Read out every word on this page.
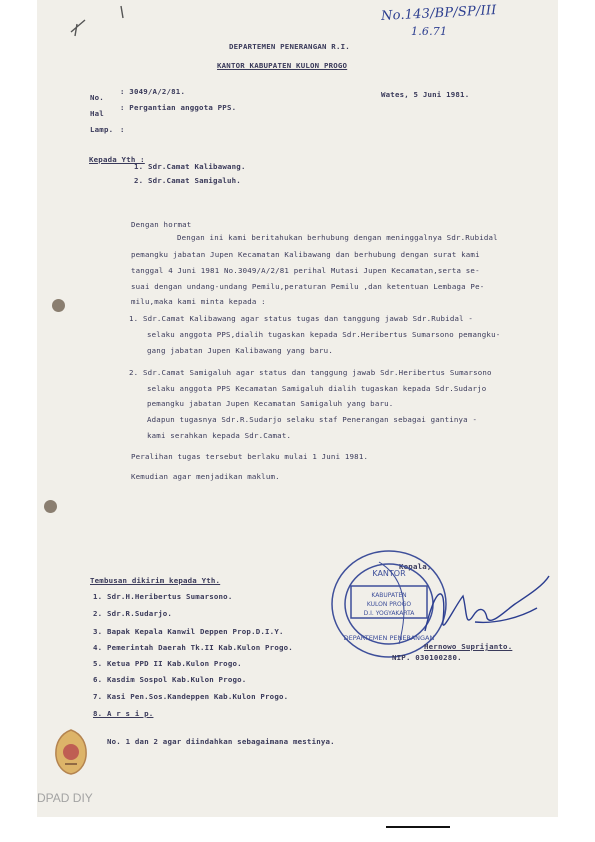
No.143/BP/SP/III
1.6.71
DEPARTEMEN PENERANGAN R.I.
KANTOR KABUPATEN KULON PROGO
Wates, 5 Juni 1981.
No.
: 3049/A/2/81.
Hal
: Pergantian anggota PPS.
Lamp. :
Kepada Yth :
1. Sdr.Camat Kalibawang.
2. Sdr.Camat Samigaluh.
Dengan hormat
Dengan ini kami beritahukan berhubung dengan meninggalnya Sdr.Rubidal
pemangku jabatan Jupen Kecamatan Kalibawang dan berhubung dengan surat kami
tanggal 4 Juni 1981 No.3049/A/2/81 perihal Mutasi Jupen Kecamatan,serta se-
suai dengan undang-undang Pemilu,peraturan Pemilu ,dan ketentuan Lembaga Pe-
milu,maka kami minta kepada :
1. Sdr.Camat Kalibawang agar status tugas dan tanggung jawab Sdr.Rubidal -
selaku anggota PPS,dialih tugaskan kepada Sdr.Heribertus Sumarsono pemangku-
gang jabatan Jupen Kalibawang yang baru.
2. Sdr.Camat Samigaluh agar status dan tanggung jawab Sdr.Heribertus Sumarsono
selaku anggota PPS Kecamatan Samigaluh dialih tugaskan kepada Sdr.Sudarjo
pemangku jabatan Jupen Kecamatan Samigaluh yang baru.
Adapun tugasnya Sdr.R.Sudarjo selaku staf Penerangan sebagai gantinya -
kami serahkan kepada Sdr.Camat.
Peralihan tugas tersebut berlaku mulai 1 Juni 1981.
Kemudian agar menjadikan maklum.
Kepala,
KANTOR
KABUPATEN
KULON PROGO
D.I. YOGYAKARTA
DEPARTEMEN PENERANGAN
Hernowo Suprijanto.
NIP. 030100280.
Tembusan dikirim kepada Yth.
1. Sdr.H.Heribertus Sumarsono.
2. Sdr.R.Sudarjo.
3. Bapak Kepala Kanwil Deppen Prop.D.I.Y.
4. Pemerintah Daerah Tk.II Kab.Kulon Progo.
5. Ketua PPD II Kab.Kulon Progo.
6. Kasdim Sospol Kab.Kulon Progo.
7. Kasi Pen.Sos.Kandeppen Kab.Kulon Progo.
8. A r s i p.
No. 1 dan 2 agar diindahkan sebagaimana mestinya.
DPAD DIY
